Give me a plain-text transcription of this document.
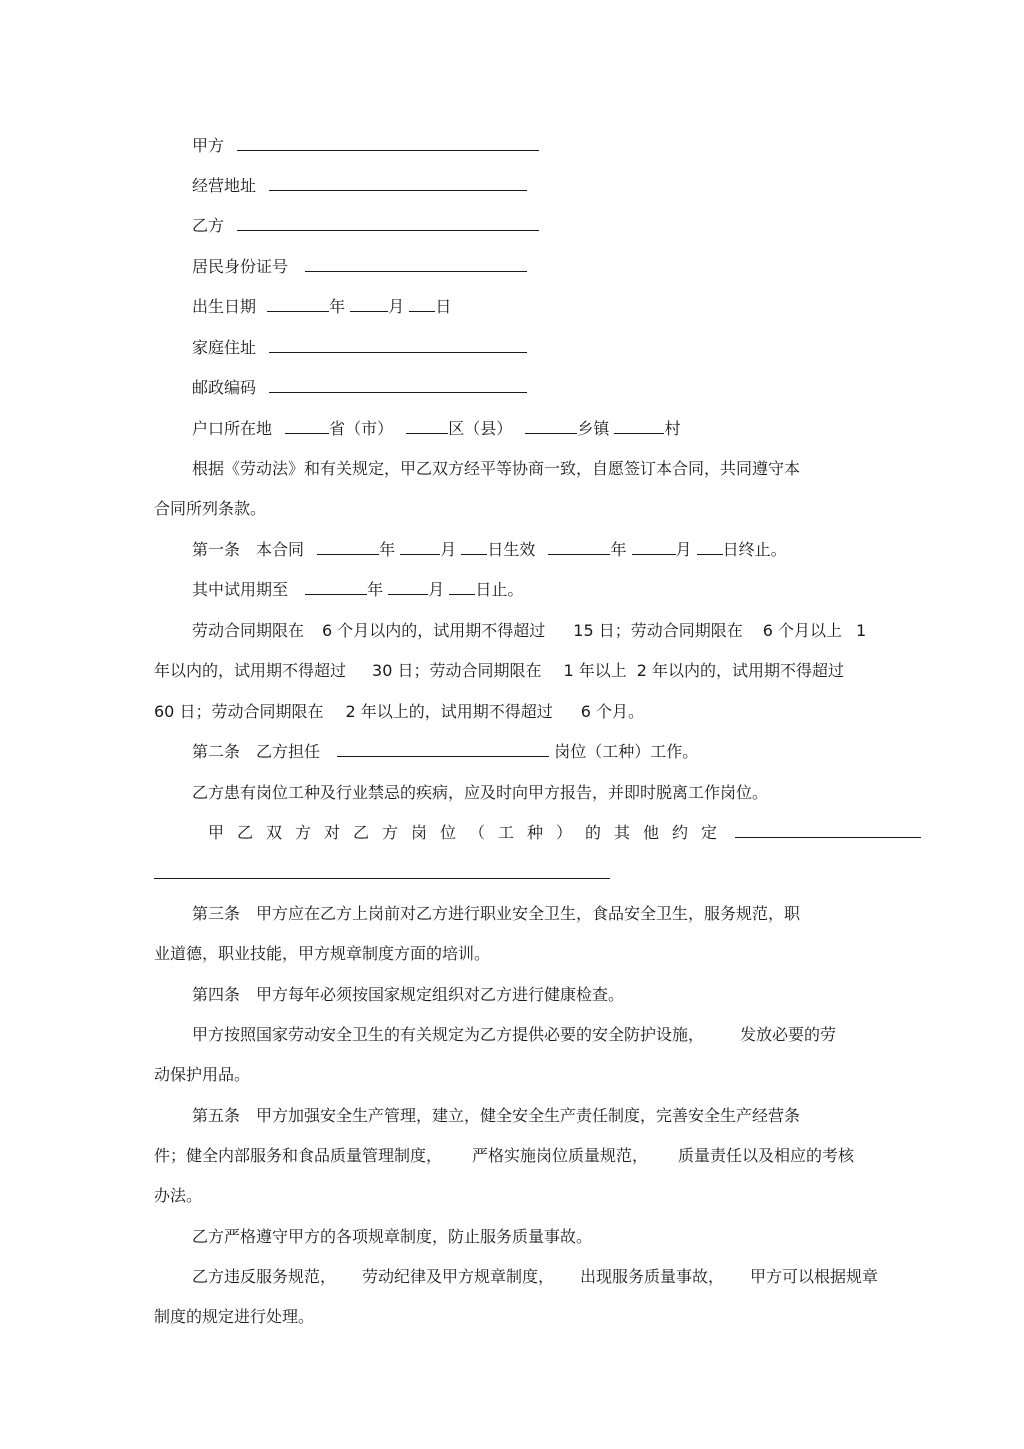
甲方
经营地址
乙方
居民身份证号
出生日期	年	月 日
家庭住址
邮政编码
户口所在地	省（市）	区（县）	乡镇	村
根据《劳动法》和有关规定，甲乙双方经平等协商一致，自愿签订本合同，共同遵守本
合同所列条款。
第一条　本合同	年	月 日生效	年	月 日终止。
其中试用期至	年	月 日止。
劳动合同期限在 6 个月以内的，试用期不得超过 15 日；劳动合同期限在 6 个月以上 1
年以内的，试用期不得超过 30 日；劳动合同期限在 1 年以上 2 年以内的，试用期不得超过
60 日；劳动合同期限在 2 年以上的，试用期不得超过 6 个月。
第二条　乙方担任	岗位（工种）工作。
乙方患有岗位工种及行业禁忌的疾病，应及时向甲方报告，并即时脱离工作岗位。
甲乙双方对乙方岗位（工种）的其他约定
第三条　甲方应在乙方上岗前对乙方进行职业安全卫生，食品安全卫生，服务规范，职
业道德，职业技能，甲方规章制度方面的培训。
第四条　甲方每年必须按国家规定组织对乙方进行健康检查。
甲方按照国家劳动安全卫生的有关规定为乙方提供必要的安全防护设施， 发放必要的劳
动保护用品。
第五条　甲方加强安全生产管理，建立，健全安全生产责任制度，完善安全生产经营条
件；健全内部服务和食品质量管理制度， 严格实施岗位质量规范， 质量责任以及相应的考核
办法。
乙方严格遵守甲方的各项规章制度，防止服务质量事故。
乙方违反服务规范， 劳动纪律及甲方规章制度， 出现服务质量事故， 甲方可以根据规章
制度的规定进行处理。
